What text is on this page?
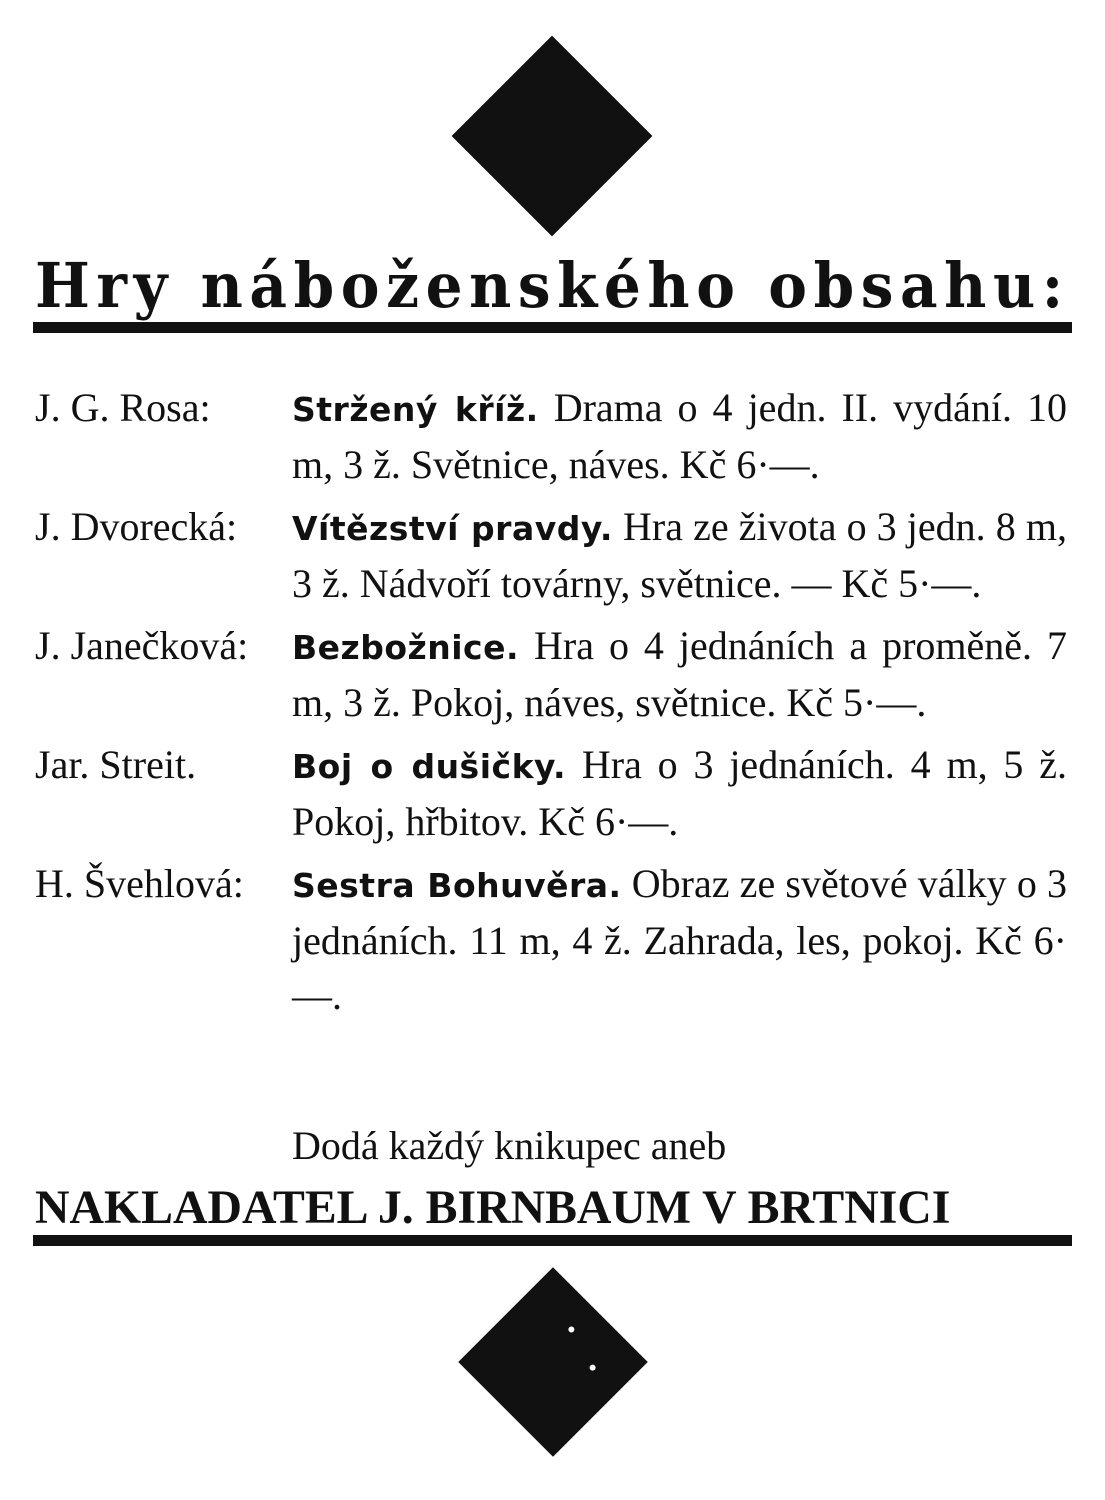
Hry náboženského obsahu:
J. G. Rosa: Stržený kříž. Drama o 4 jedn. II. vydání. 10 m, 3 ž. Světnice, náves. Kč 6·—.
J. Dvorecká: Vítězství pravdy. Hra ze života o 3 jedn. 8 m, 3 ž. Nádvoří továrny, světnice. — Kč 5·—.
J. Janečková: Bezbožnice. Hra o 4 jednáních a proměně. 7 m, 3 ž. Pokoj, náves, světnice. Kč 5·—.
Jar. Streit.	Boj o dušičky. Hra o 3 jednáních. 4 m, 5 ž. Pokoj, hřbitov. Kč 6·—.
H. Švehlová: Sestra Bohuvěra. Obraz ze světové války o 3 jednáních. 11 m, 4 ž. Zahrada, les, pokoj. Kč 6·—.
Dodá každý knikupec aneb
NAKLADATEL J. BIRNBAUM V BRTNICI
